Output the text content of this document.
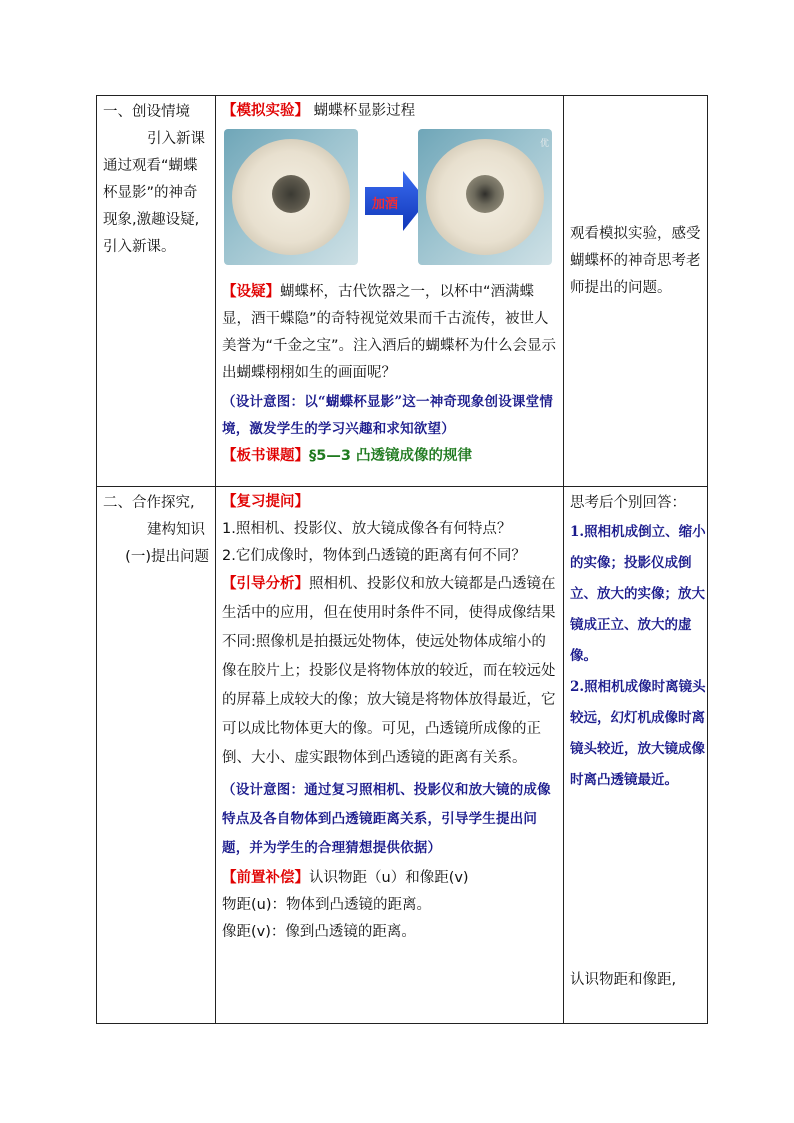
一、创设情境

引入新课

通过观看“蝴蝶杯显影”的神奇现象,激趣设疑,引入新课。

【模拟实验】 蝴蝶杯显影过程

加酒
优

【设疑】蝴蝶杯，古代饮器之一，以杯中“酒满蝶显，酒干蝶隐”的奇特视觉效果而千古流传，被世人美誉为“千金之宝”。注入酒后的蝴蝶杯为什么会显示出蝴蝶栩栩如生的画面呢？

（设计意图：以“蝴蝶杯显影”这一神奇现象创设课堂情境，激发学生的学习兴趣和求知欲望）

【板书课题】§5—3 凸透镜成像的规律

观看模拟实验，感受蝴蝶杯的神奇思考老师提出的问题。

二、合作探究,

建构知识

(一)提出问题

【复习提问】

1.照相机、投影仪、放大镜成像各有何特点？

2.它们成像时，物体到凸透镜的距离有何不同？

【引导分析】照相机、投影仪和放大镜都是凸透镜在生活中的应用，但在使用时条件不同，使得成像结果不同:照像机是拍摄远处物体，使远处物体成缩小的像在胶片上；投影仪是将物体放的较近，而在较远处的屏幕上成较大的像；放大镜是将物体放得最近，它可以成比物体更大的像。可见，凸透镜所成像的正倒、大小、虚实跟物体到凸透镜的距离有关系。

（设计意图：通过复习照相机、投影仪和放大镜的成像特点及各自物体到凸透镜距离关系，引导学生提出问题，并为学生的合理猜想提供依据）

【前置补偿】认识物距（u）和像距(v)

物距(u)：物体到凸透镜的距离。

像距(v)：像到凸透镜的距离。

思考后个别回答：

1.照相机成倒立、缩小的实像；投影仪成倒立、放大的实像；放大镜成正立、放大的虚像。

2.照相机成像时离镜头较远，幻灯机成像时离镜头较近，放大镜成像时离凸透镜最近。

认识物距和像距,
